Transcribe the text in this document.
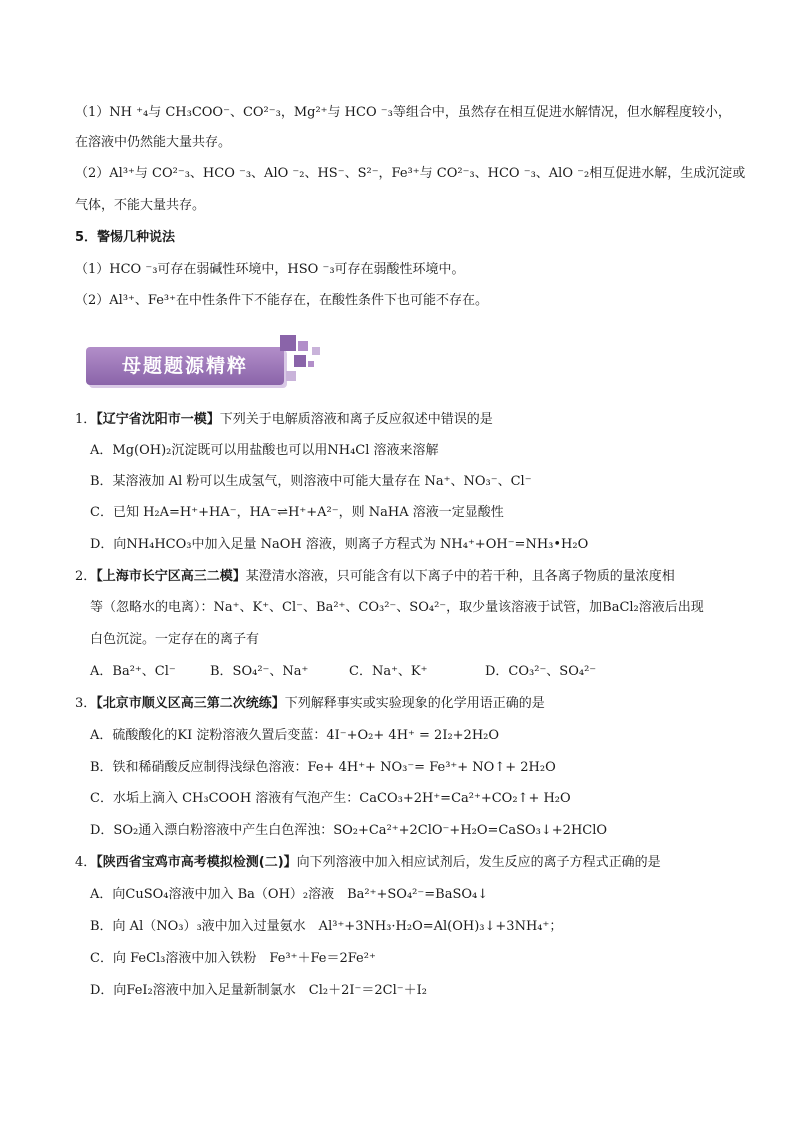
（1）NH ⁺₄与 CH₃COO⁻、CO²⁻₃，Mg²⁺与 HCO ⁻₃等组合中，虽然存在相互促进水解情况，但水解程度较小，
在溶液中仍然能大量共存。
（2）Al³⁺与 CO²⁻₃、HCO ⁻₃、AlO ⁻₂、HS⁻、S²⁻，Fe³⁺与 CO²⁻₃、HCO ⁻₃、AlO ⁻₂相互促进水解，生成沉淀或
气体，不能大量共存。
5．警惕几种说法
（1）HCO ⁻₃可存在弱碱性环境中，HSO ⁻₃可存在弱酸性环境中。
（2）Al³⁺、Fe³⁺在中性条件下不能存在，在酸性条件下也可能不存在。
母题题源精粹
1．【辽宁省沈阳市一模】下列关于电解质溶液和离子反应叙述中错误的是
A．Mg(OH)₂沉淀既可以用盐酸也可以用NH₄Cl 溶液来溶解
B．某溶液加 Al 粉可以生成氢气，则溶液中可能大量存在 Na⁺、NO₃⁻、Cl⁻
C．已知 H₂A=H⁺+HA⁻，HA⁻⇌H⁺+A²⁻，则 NaHA 溶液一定显酸性
D．向NH₄HCO₃中加入足量 NaOH 溶液，则离子方程式为 NH₄⁺+OH⁻=NH₃•H₂O
2．【上海市长宁区高三二模】某澄清水溶液，只可能含有以下离子中的若干种，且各离子物质的量浓度相
等（忽略水的电离）：Na⁺、K⁺、Cl⁻、Ba²⁺、CO₃²⁻、SO₄²⁻，取少量该溶液于试管，加BaCl₂溶液后出现
白色沉淀。一定存在的离子有
A．Ba²⁺、Cl⁻	B．SO₄²⁻、Na⁺	C．Na⁺、K⁺	D．CO₃²⁻、SO₄²⁻
3．【北京市顺义区高三第二次统练】下列解释事实或实验现象的化学用语正确的是
A．硫酸酸化的KI 淀粉溶液久置后变蓝：4I⁻+O₂+ 4H⁺ = 2I₂+2H₂O
B．铁和稀硝酸反应制得浅绿色溶液：Fe+ 4H⁺+ NO₃⁻= Fe³⁺+ NO↑+ 2H₂O
C．水垢上滴入 CH₃COOH 溶液有气泡产生：CaCO₃+2H⁺=Ca²⁺+CO₂↑+ H₂O
D．SO₂通入漂白粉溶液中产生白色浑浊：SO₂+Ca²⁺+2ClO⁻+H₂O=CaSO₃↓+2HClO
4．【陕西省宝鸡市高考模拟检测(二)】向下列溶液中加入相应试剂后，发生反应的离子方程式正确的是
A．向CuSO₄溶液中加入 Ba（OH）₂溶液　Ba²⁺+SO₄²⁻=BaSO₄↓
B．向 Al（NO₃）₃液中加入过量氨水　Al³⁺+3NH₃·H₂O=Al(OH)₃↓+3NH₄⁺；
C．向 FeCl₃溶液中加入铁粉　Fe³⁺＋Fe＝2Fe²⁺
D．向FeI₂溶液中加入足量新制氯水　Cl₂＋2I⁻＝2Cl⁻＋I₂
